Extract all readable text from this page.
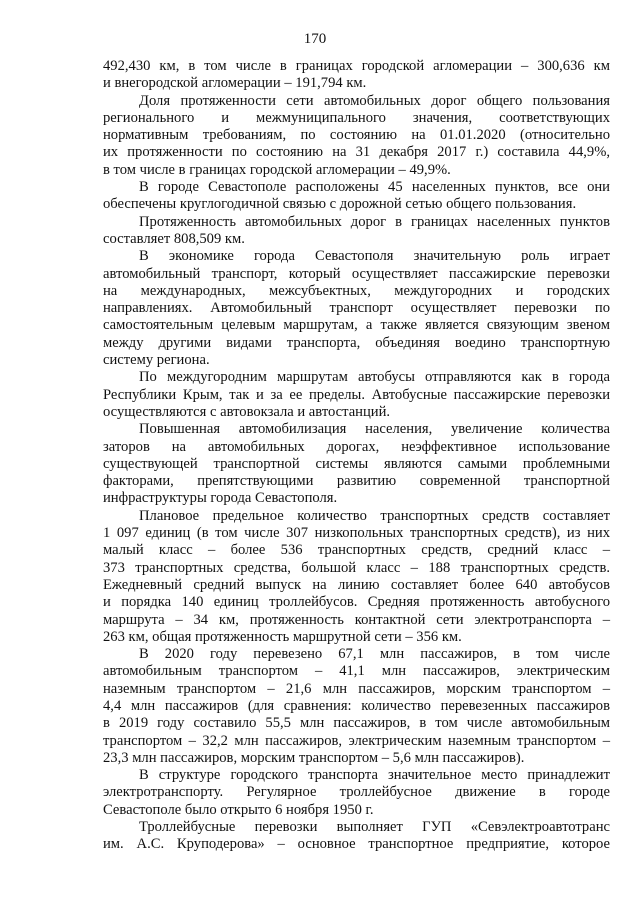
170

492,430 км, в том числе в границах городской агломерации – 300,636 км
и внегородской агломерации – 191,794 км.

Доля протяженности сети автомобильных дорог общего пользования
регионального и межмуниципального значения, соответствующих
нормативным требованиям, по состоянию на 01.01.2020 (относительно
их протяженности по состоянию на 31 декабря 2017 г.) составила 44,9%,
в том числе в границах городской агломерации – 49,9%.

В городе Севастополе расположены 45 населенных пунктов, все они
обеспечены круглогодичной связью с дорожной сетью общего пользования.

Протяженность автомобильных дорог в границах населенных пунктов
составляет 808,509 км.

В экономике города Севастополя значительную роль играет
автомобильный транспорт, который осуществляет пассажирские перевозки
на международных, межсубъектных, междугородних и городских
направлениях. Автомобильный транспорт осуществляет перевозки по
самостоятельным целевым маршрутам, а также является связующим звеном
между другими видами транспорта, объединяя воедино транспортную
систему региона.

По междугородним маршрутам автобусы отправляются как в города
Республики Крым, так и за ее пределы. Автобусные пассажирские перевозки
осуществляются с автовокзала и автостанций.

Повышенная автомобилизация населения, увеличение количества
заторов на автомобильных дорогах, неэффективное использование
существующей транспортной системы являются самыми проблемными
факторами, препятствующими развитию современной транспортной
инфраструктуры города Севастополя.

Плановое предельное количество транспортных средств составляет
1 097 единиц (в том числе 307 низкопольных транспортных средств), из них
малый класс – более 536 транспортных средств, средний класс –
373 транспортных средства, большой класс – 188 транспортных средств.
Ежедневный средний выпуск на линию составляет более 640 автобусов
и порядка 140 единиц троллейбусов. Средняя протяженность автобусного
маршрута – 34 км, протяженность контактной сети электротранспорта –
263 км, общая протяженность маршрутной сети – 356 км.

В 2020 году перевезено 67,1 млн пассажиров, в том числе
автомобильным транспортом – 41,1 млн пассажиров, электрическим
наземным транспортом – 21,6 млн пассажиров, морским транспортом –
4,4 млн пассажиров (для сравнения: количество перевезенных пассажиров
в 2019 году составило 55,5 млн пассажиров, в том числе автомобильным
транспортом – 32,2 млн пассажиров, электрическим наземным транспортом –
23,3 млн пассажиров, морским транспортом – 5,6 млн пассажиров).

В структуре городского транспорта значительное место принадлежит
электротранспорту. Регулярное троллейбусное движение в городе
Севастополе было открыто 6 ноября 1950 г.

Троллейбусные перевозки выполняет ГУП «Севэлектроавтотранс
им. А.С. Круподерова» – основное транспортное предприятие, которое
